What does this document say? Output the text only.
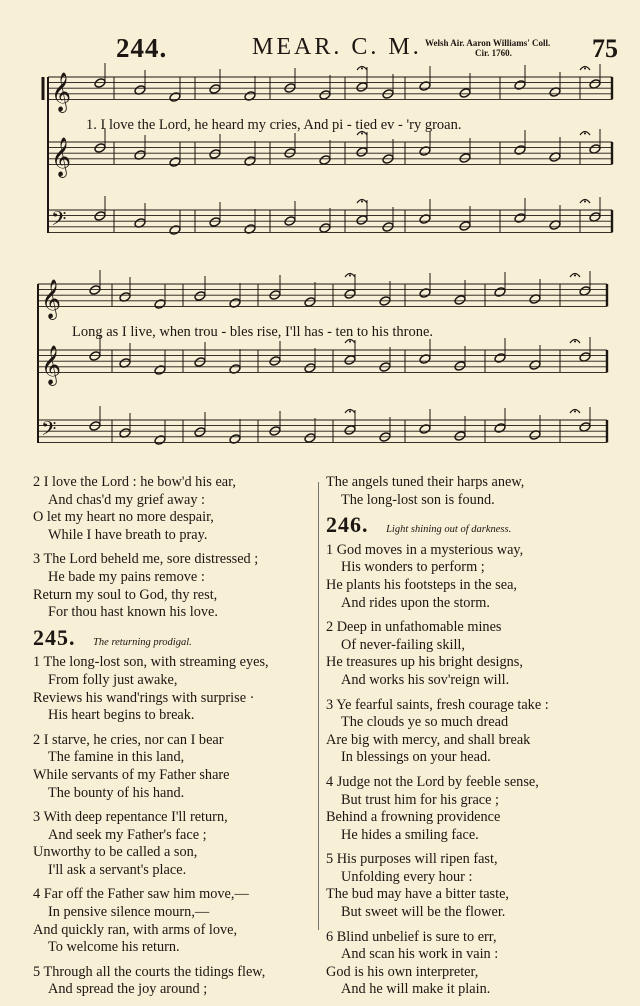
244.	MEAR. C. M. Welsh Air. Aaron Williams' Coll.
Cir. 1760.	75
𝄞
𝄞
𝄢
𝄞
𝄞
𝄢
1. I love the Lord, he heard my cries, And pi - tied ev - 'ry groan.
Long as I live, when trou - bles rise, I'll has - ten to his throne.
2 I love the Lord : he bow'd his ear,
And chas'd my grief away :
O let my heart no more despair,
While I have breath to pray.
3 The Lord beheld me, sore distressed ;
He bade my pains remove :
Return my soul to God, thy rest,
For thou hast known his love.
245. The returning prodigal.
1 The long-lost son, with streaming eyes,
From folly just awake,
Reviews his wand'rings with surprise ·
His heart begins to break.
2 I starve, he cries, nor can I bear
The famine in this land,
While servants of my Father share
The bounty of his hand.
3 With deep repentance I'll return,
And seek my Father's face ;
Unworthy to be called a son,
I'll ask a servant's place.
4 Far off the Father saw him move,—
In pensive silence mourn,—
And quickly ran, with arms of love,
To welcome his return.
5 Through all the courts the tidings flew,
And spread the joy around ;
The angels tuned their harps anew,
The long-lost son is found.
246. Light shining out of darkness.
1 God moves in a mysterious way,
His wonders to perform ;
He plants his footsteps in the sea,
And rides upon the storm.
2 Deep in unfathomable mines
Of never-failing skill,
He treasures up his bright designs,
And works his sov'reign will.
3 Ye fearful saints, fresh courage take :
The clouds ye so much dread
Are big with mercy, and shall break
In blessings on your head.
4 Judge not the Lord by feeble sense,
But trust him for his grace ;
Behind a frowning providence
He hides a smiling face.
5 His purposes will ripen fast,
Unfolding every hour :
The bud may have a bitter taste,
But sweet will be the flower.
6 Blind unbelief is sure to err,
And scan his work in vain :
God is his own interpreter,
And he will make it plain.
